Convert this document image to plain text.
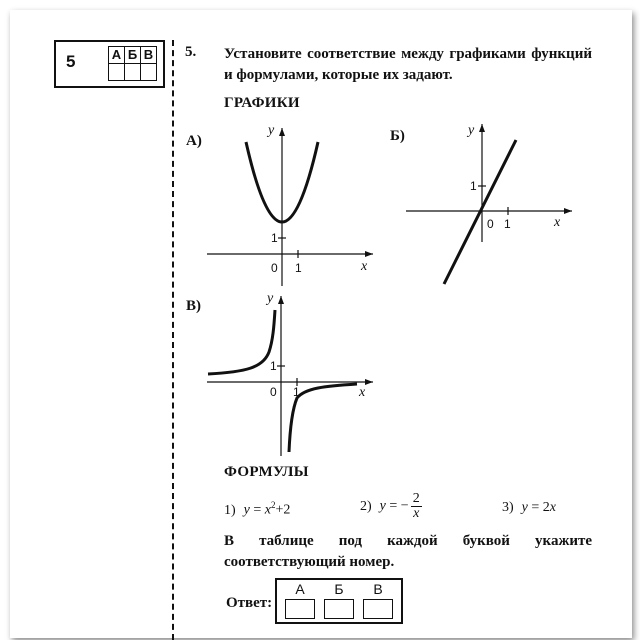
5	А	Б	В
		5. Установите соответствие между графиками функций и формулами, которые их задают.
ГРАФИКИ
А)
y
x
0 1
1
Б)	y
x
0 1
1
В)	y
x
0 1
1
ФОРМУЛЫ
1) $y = x^2+2$	2) y = − $\frac{2}{x}$	3) y = 2x
В таблице под каждой буквой укажите соответствующий номер.
Ответ:
А	Б	В
